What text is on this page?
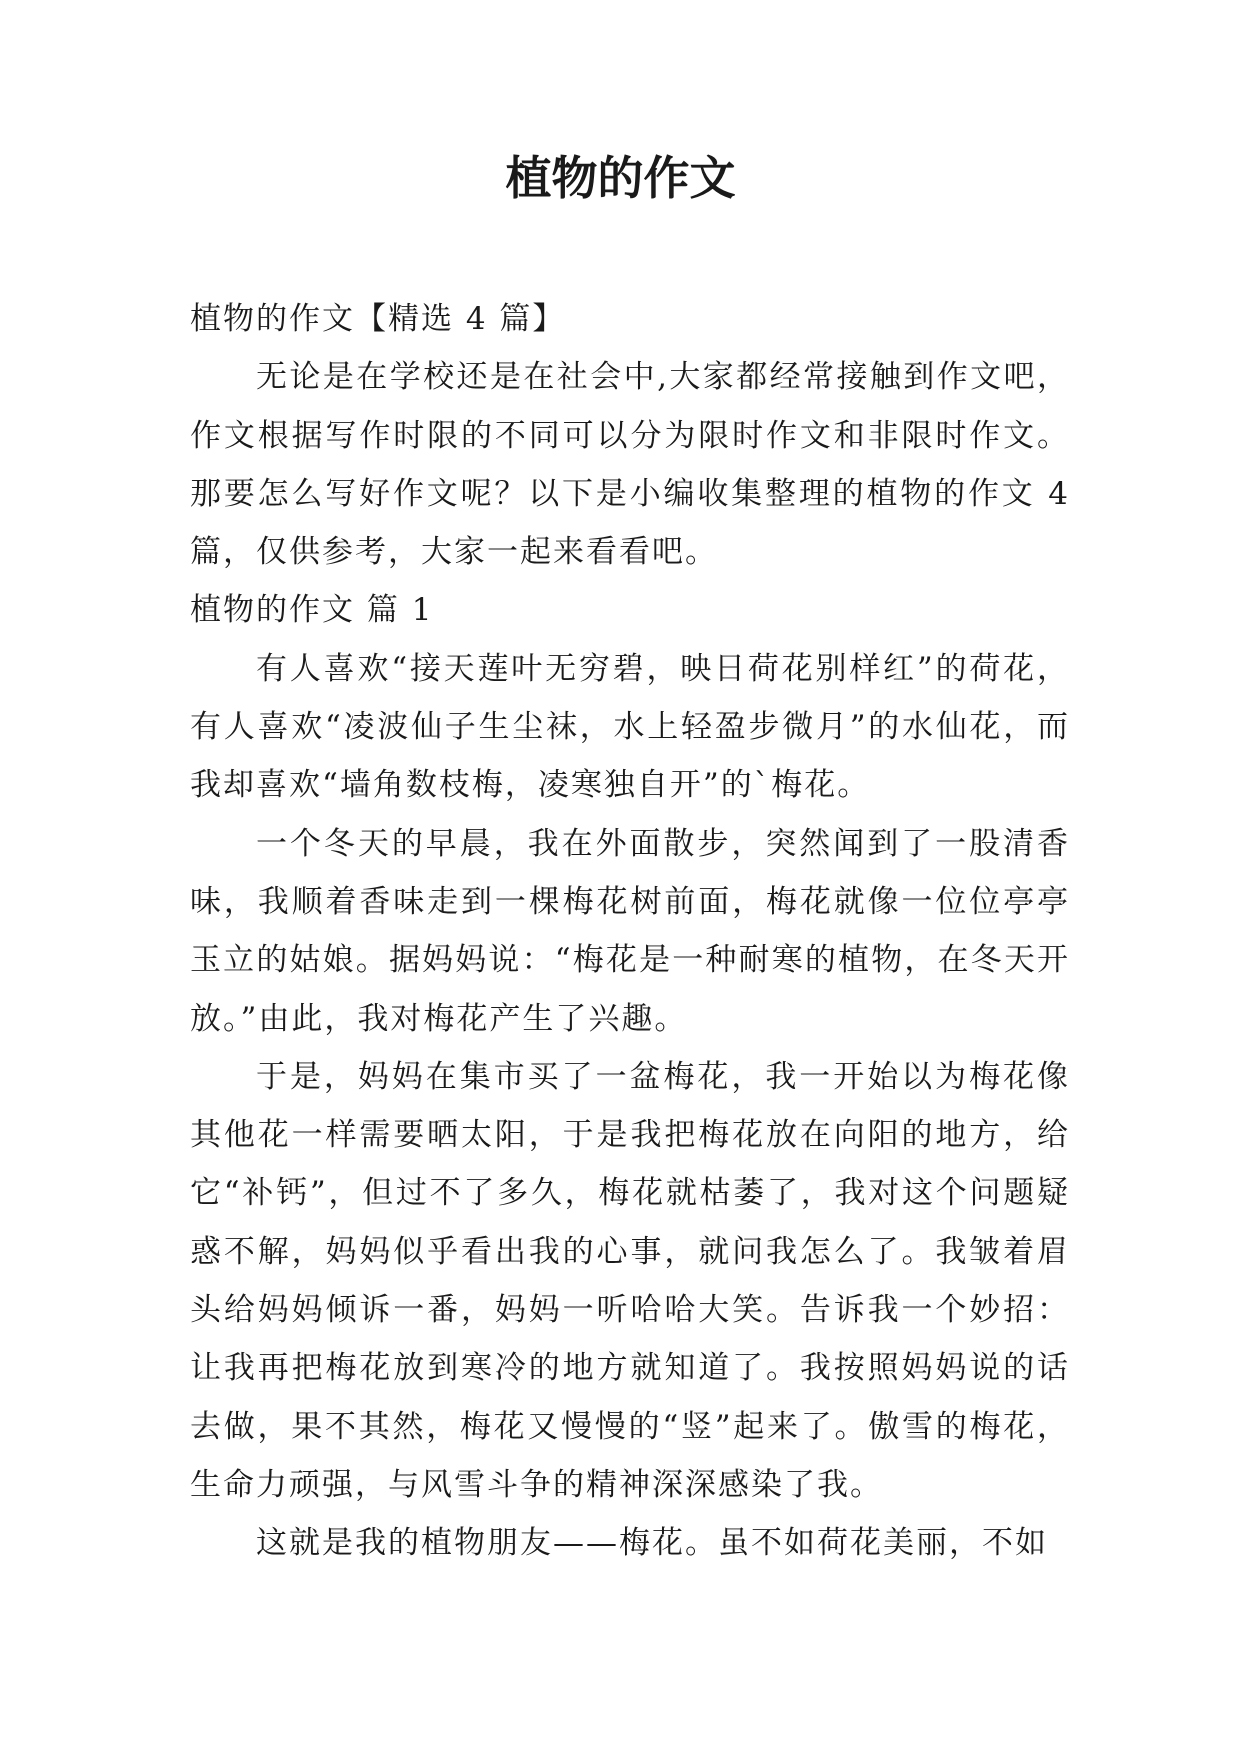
植物的作文

植物的作文【精选 4 篇】

无论是在学校还是在社会中,大家都经常接触到作文吧，作文根据写作时限的不同可以分为限时作文和非限时作文。那要怎么写好作文呢？以下是小编收集整理的植物的作文 4 篇，仅供参考，大家一起来看看吧。

植物的作文 篇 1

有人喜欢“接天莲叶无穷碧，映日荷花别样红”的荷花，有人喜欢“凌波仙子生尘袜，水上轻盈步微月”的水仙花，而我却喜欢“墙角数枝梅，凌寒独自开”的`梅花。

一个冬天的早晨，我在外面散步，突然闻到了一股清香味，我顺着香味走到一棵梅花树前面，梅花就像一位位亭亭玉立的姑娘。据妈妈说：“梅花是一种耐寒的植物，在冬天开放。”由此，我对梅花产生了兴趣。

于是，妈妈在集市买了一盆梅花，我一开始以为梅花像其他花一样需要晒太阳，于是我把梅花放在向阳的地方，给它“补钙”，但过不了多久，梅花就枯萎了，我对这个问题疑惑不解，妈妈似乎看出我的心事，就问我怎么了。我皱着眉头给妈妈倾诉一番，妈妈一听哈哈大笑。告诉我一个妙招：让我再把梅花放到寒冷的地方就知道了。我按照妈妈说的话去做，果不其然，梅花又慢慢的“竖”起来了。傲雪的梅花，生命力顽强，与风雪斗争的精神深深感染了我。

这就是我的植物朋友——梅花。虽不如荷花美丽，不如
